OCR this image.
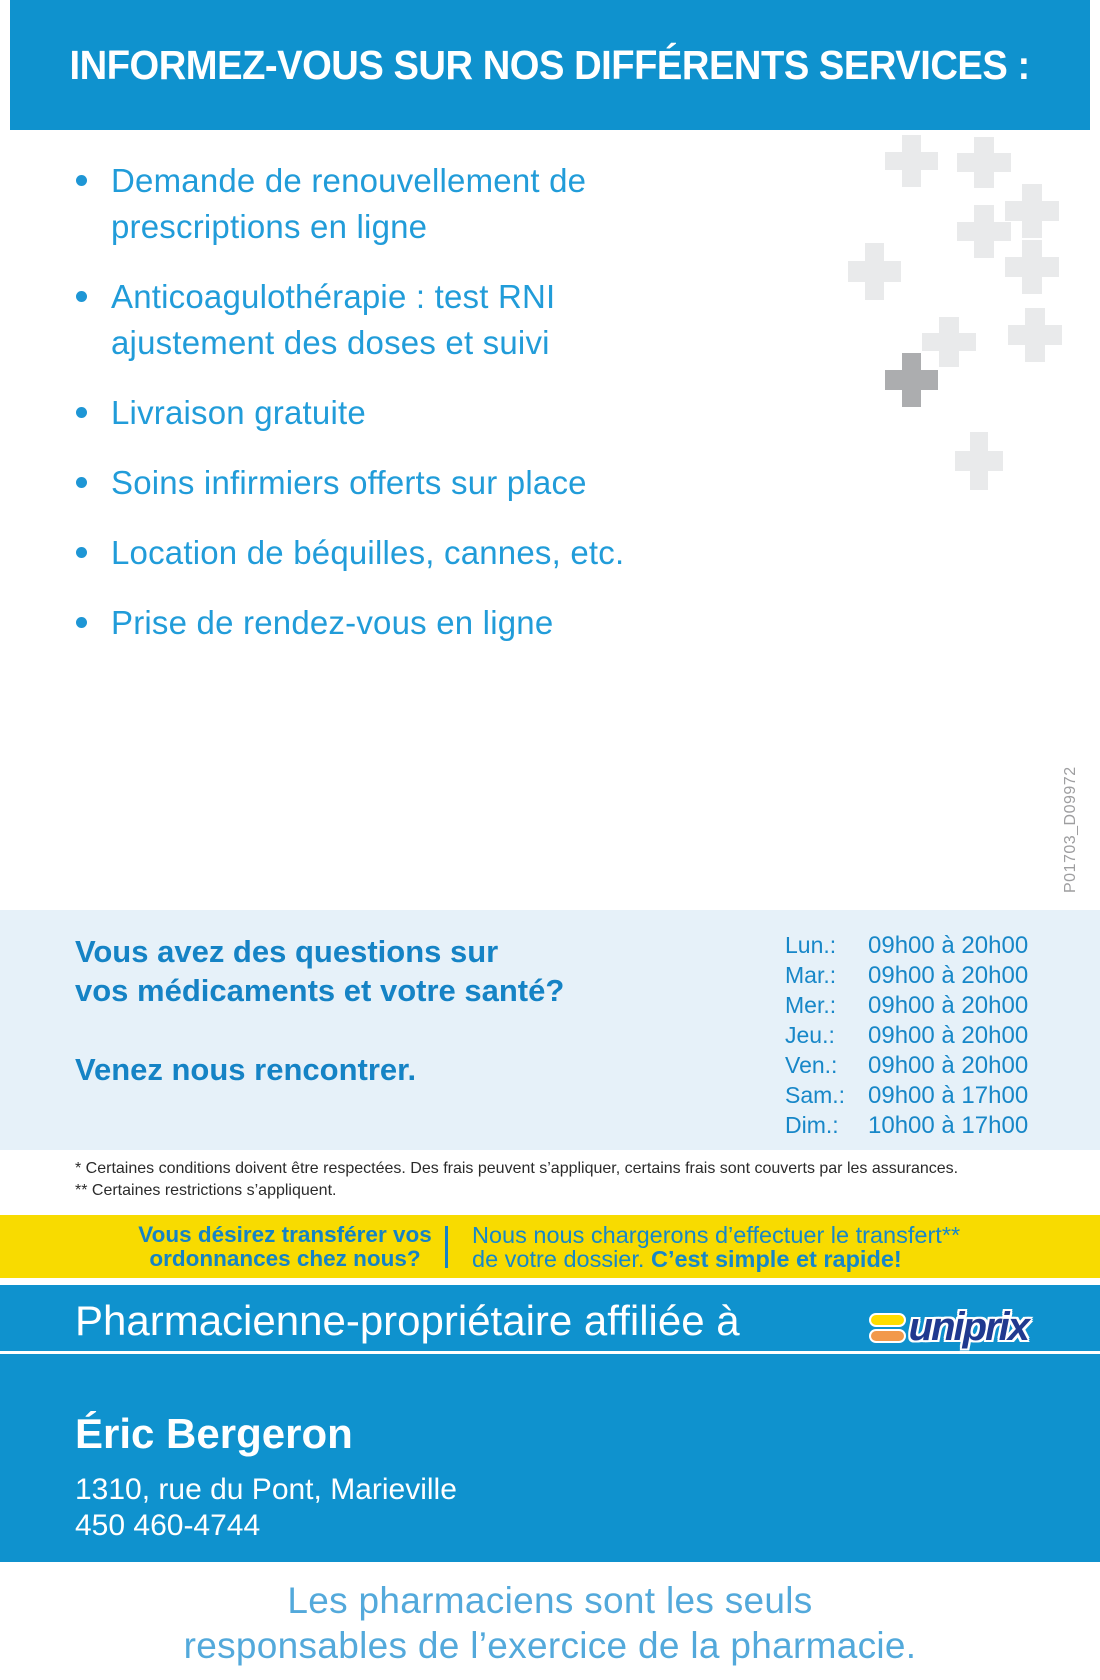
INFORMEZ-VOUS SUR NOS DIFFÉRENTS SERVICES :
Demande de renouvellement de prescriptions en ligne
Anticoagulothérapie : test RNI ajustement des doses et suivi
Livraison gratuite
Soins infirmiers offerts sur place
Location de béquilles, cannes, etc.
Prise de rendez-vous en ligne
P01703_D09972
Vous avez des questions sur
vos médicaments et votre santé?
Venez nous rencontrer.
Lun.: 09h00 à 20h00
Mar.: 09h00 à 20h00
Mer.: 09h00 à 20h00
Jeu.: 09h00 à 20h00
Ven.: 09h00 à 20h00
Sam.: 09h00 à 17h00
Dim.: 10h00 à 17h00
* Certaines conditions doivent être respectées. Des frais peuvent s’appliquer, certains frais sont couverts par les assurances.
** Certaines restrictions s’appliquent.
Vous désirez transférer vos
ordonnances chez nous?
Nous nous chargerons d’effectuer le transfert**
de votre dossier. C’est simple et rapide!
Pharmacienne-propriétaire affiliée à	uniprix
Éric Bergeron
1310, rue du Pont, Marieville
450 460-4744
Les pharmaciens sont les seuls
responsables de l’exercice de la pharmacie.
